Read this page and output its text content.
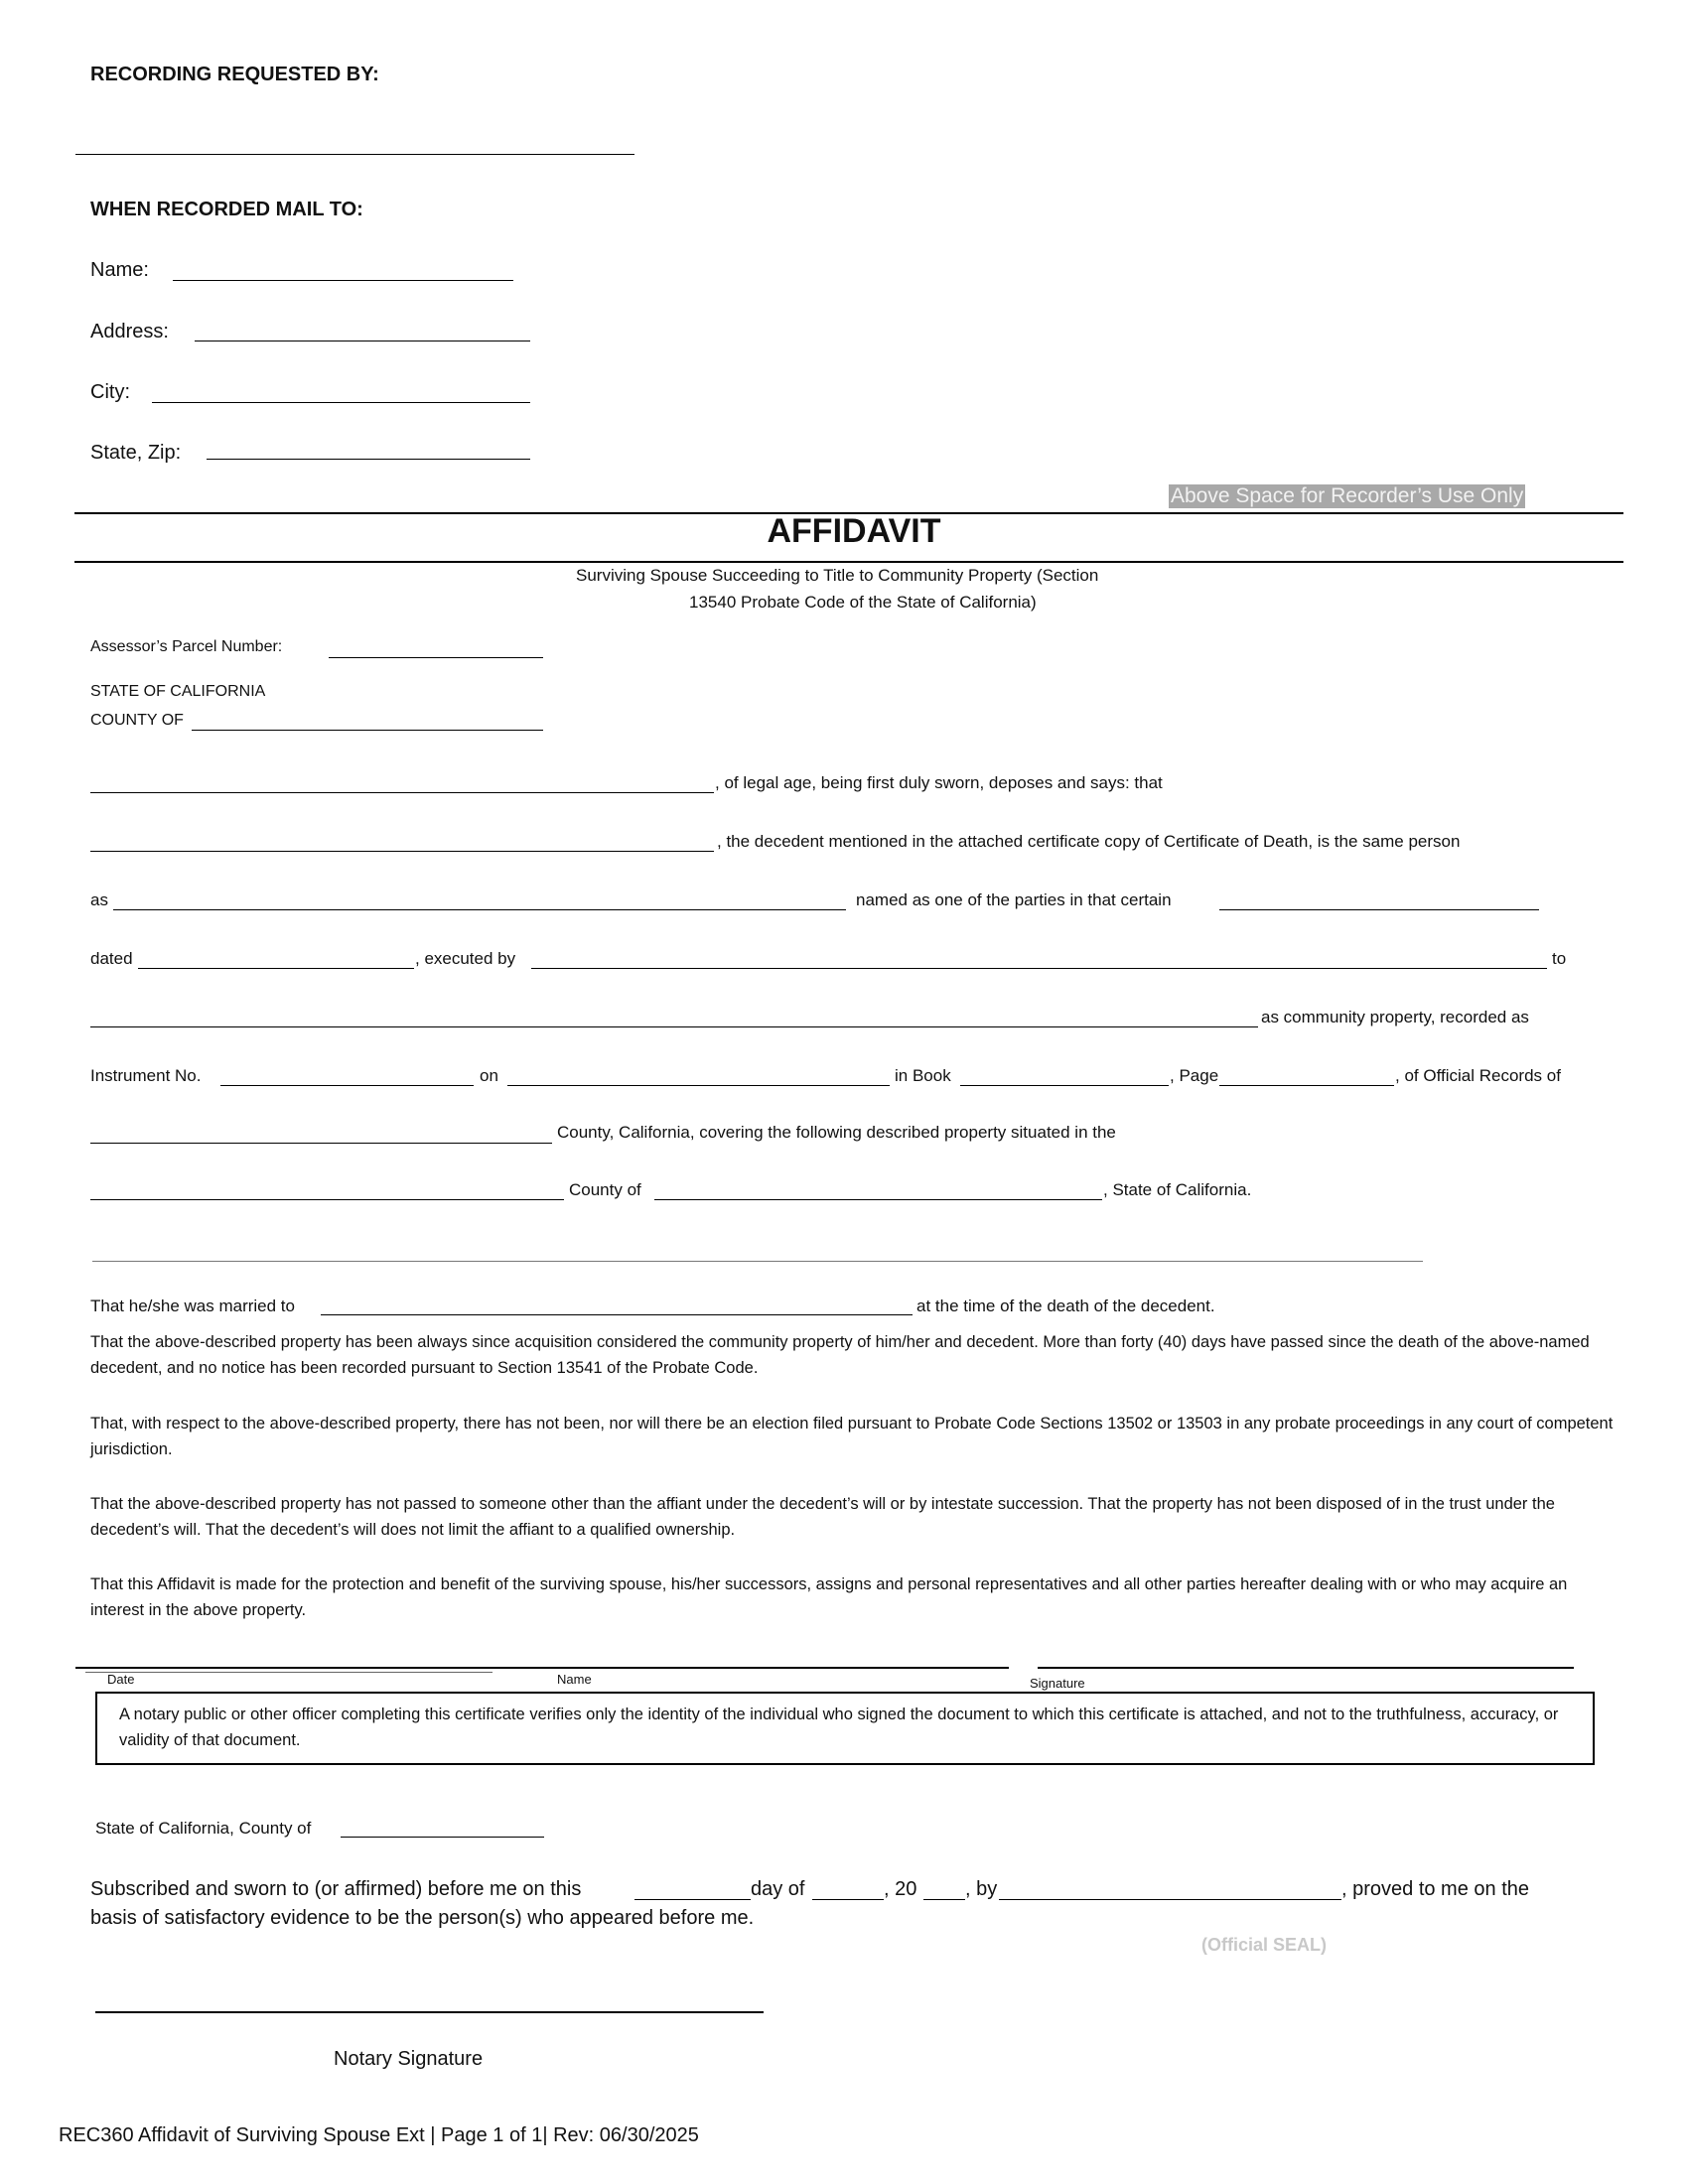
RECORDING REQUESTED BY:
WHEN RECORDED MAIL TO:
Name:
Address:
City:
State, Zip:
Above Space for Recorder’s Use Only
AFFIDAVIT
Surviving Spouse Succeeding to Title to Community Property (Section
13540 Probate Code of the State of California)
Assessor’s Parcel Number:
STATE OF CALIFORNIA
COUNTY OF
, of legal age, being first duly sworn, deposes and says: that
, the decedent mentioned in the attached certificate copy of Certificate of Death, is the same person
as	named as one of the parties in that certain
dated	, executed by	to
as community property, recorded as
Instrument No.	on	in Book	, Page	, of Official Records of
County, California, covering the following described property situated in the
County of	, State of California.
That he/she was married to	at the time of the death of the decedent.
That the above-described property has been always since acquisition considered the community property of him/her and decedent. More than forty (40) days have passed since the death of the above-named decedent, and no notice has been recorded pursuant to Section 13541 of the Probate Code.
That, with respect to the above-described property, there has not been, nor will there be an election filed pursuant to Probate Code Sections 13502 or 13503 in any probate proceedings in any court of competent jurisdiction.
That the above-described property has not passed to someone other than the affiant under the decedent’s will or by intestate succession. That the property has not been disposed of in the trust under the decedent’s will. That the decedent’s will does not limit the affiant to a qualified ownership.
That this Affidavit is made for the protection and benefit of the surviving spouse, his/her successors, assigns and personal representatives and all other parties hereafter dealing with or who may acquire an interest in the above property.
Date	Name	Signature
A notary public or other officer completing this certificate verifies only the identity of the individual who signed the document to which this certificate is attached, and not to the truthfulness, accuracy, or validity of that document.
State of California, County of
Subscribed and sworn to (or affirmed) before me on this	day of	, 20 , by	, proved to me on the
basis of satisfactory evidence to be the person(s) who appeared before me.
(Official SEAL)
Notary Signature
REC360 Affidavit of Surviving Spouse Ext | Page 1 of 1| Rev: 06/30/2025
